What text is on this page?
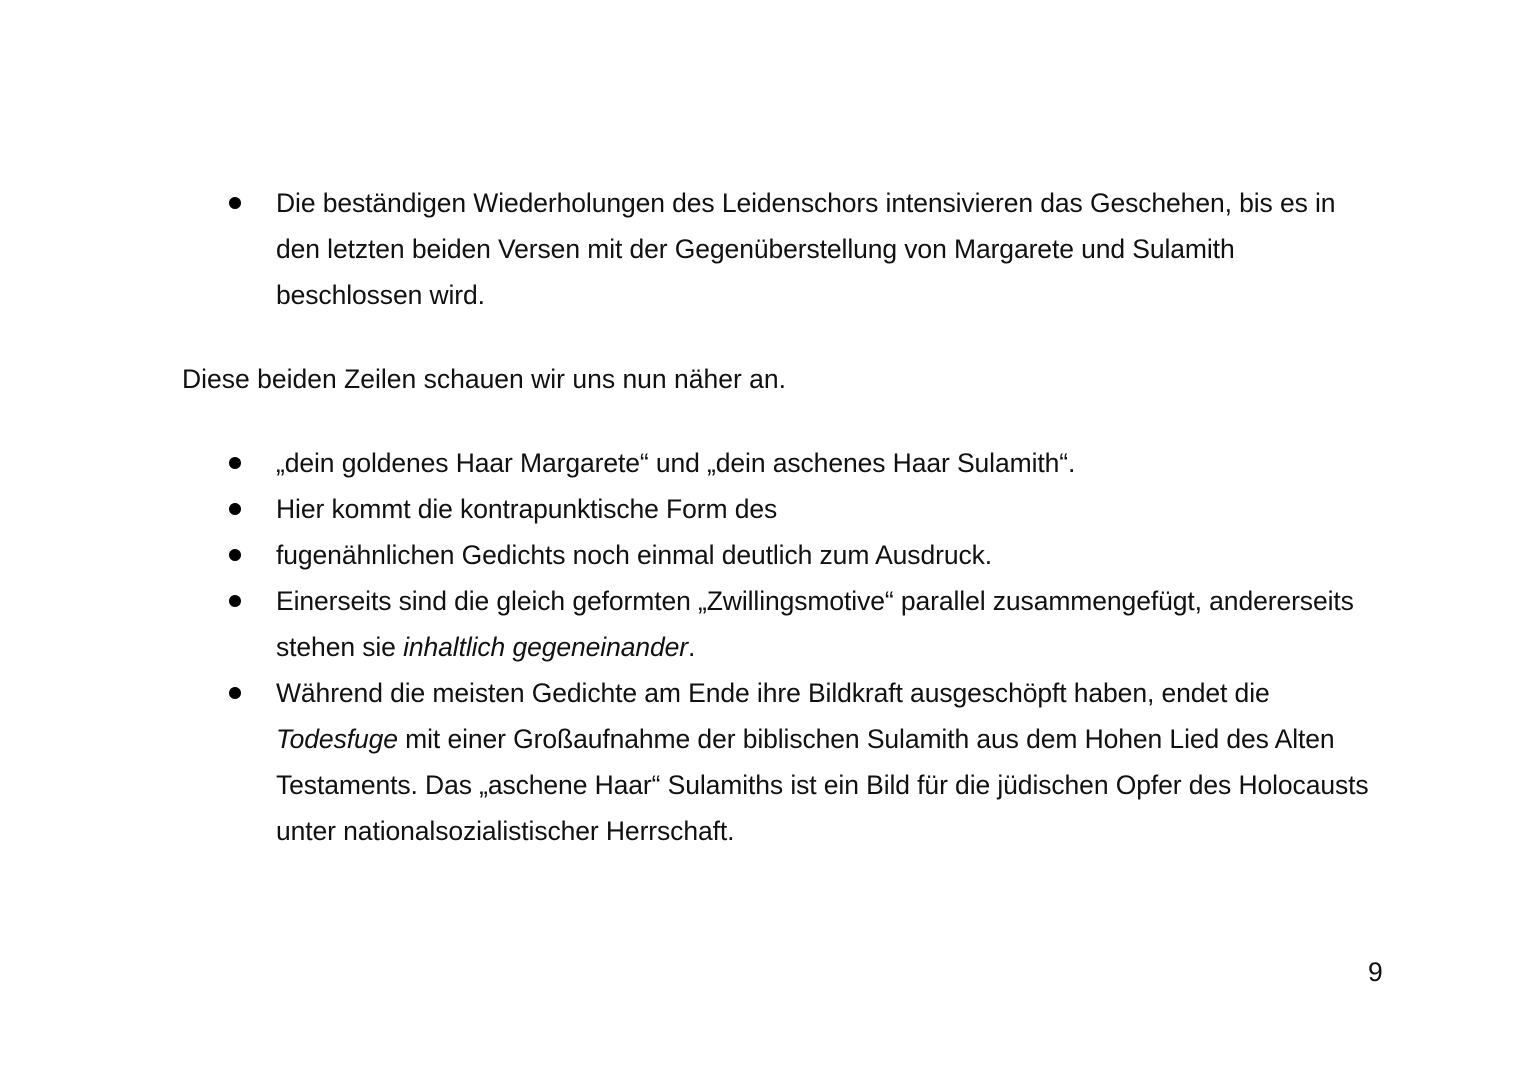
Die beständigen Wiederholungen des Leidenschors intensivieren das Geschehen, bis es in den letzten beiden Versen mit der Gegenüberstellung von Margarete und Sulamith beschlossen wird.

Diese beiden Zeilen schauen wir uns nun näher an.

„dein goldenes Haar Margarete“ und „dein aschenes Haar Sulamith“.
Hier kommt die kontrapunktische Form des
fugenähnlichen Gedichts noch einmal deutlich zum Ausdruck.
Einerseits sind die gleich geformten „Zwillingsmotive“ parallel zusammengefügt, andererseits stehen sie inhaltlich gegeneinander.
Während die meisten Gedichte am Ende ihre Bildkraft ausgeschöpft haben, endet die Todesfuge mit einer Großaufnahme der biblischen Sulamith aus dem Hohen Lied des Alten Testaments. Das „aschene Haar“ Sulamiths ist ein Bild für die jüdischen Opfer des Holocausts unter nationalsozialistischer Herrschaft.
9
